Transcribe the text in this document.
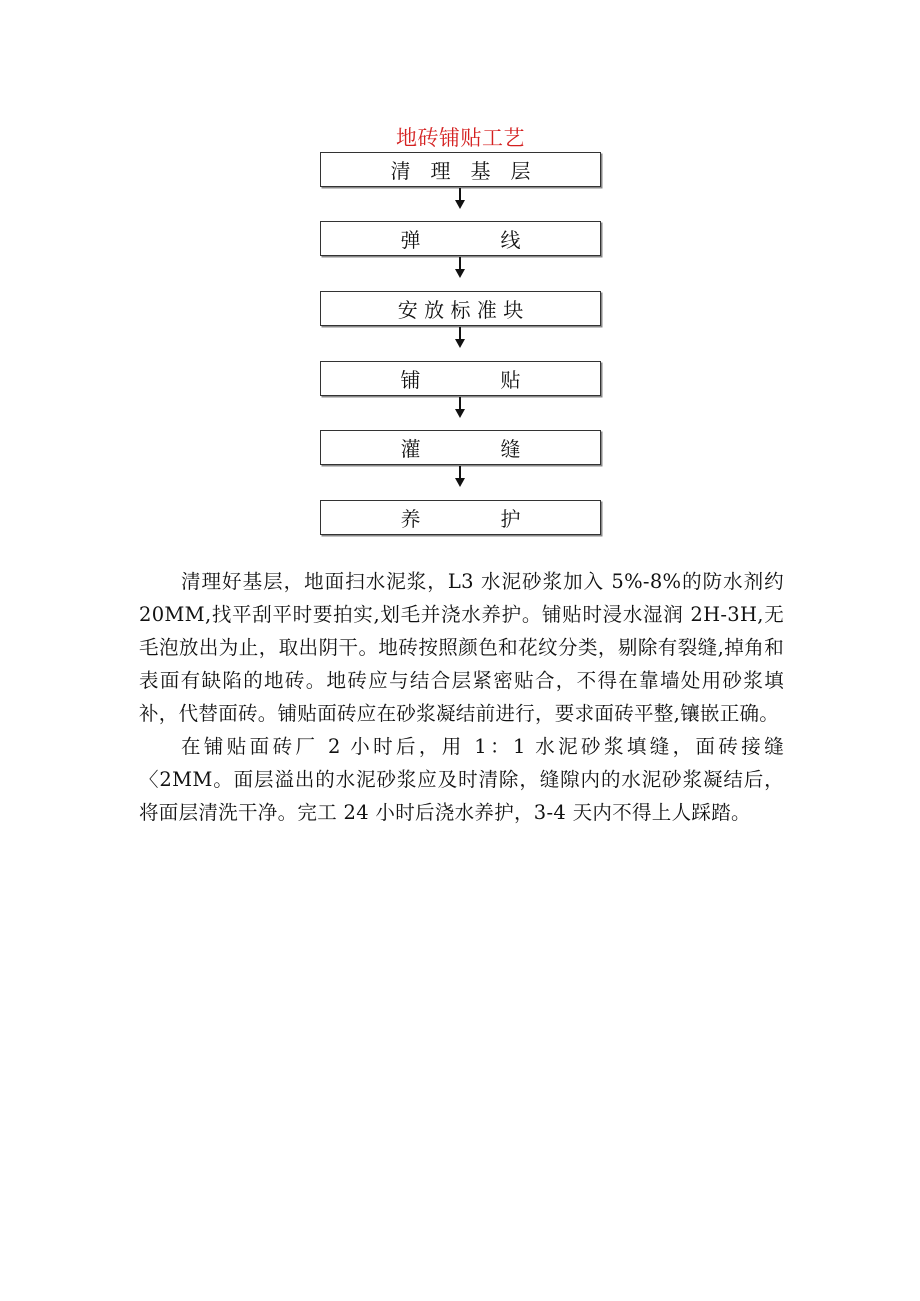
地砖铺贴工艺
清　理　基　层
弹　　　　线
安 放 标 准 块
铺　　　　贴
灌　　　　缝
养　　　　护

清理好基层，地面扫水泥浆，L3 水泥砂浆加入 5%-8%的防水剂约 20MM,找平刮平时要拍实,划毛并浇水养护。铺贴时浸水湿润 2H-3H,无毛泡放出为止，取出阴干。地砖按照颜色和花纹分类，剔除有裂缝,掉角和表面有缺陷的地砖。地砖应与结合层紧密贴合，不得在靠墙处用砂浆填补，代替面砖。铺贴面砖应在砂浆凝结前进行，要求面砖平整,镶嵌正确。

在铺贴面砖厂 2 小时后，用 1：1 水泥砂浆填缝，面砖接缝〈2MM。面层溢出的水泥砂浆应及时清除，缝隙内的水泥砂浆凝结后，将面层清洗干净。完工 24 小时后浇水养护，3-4 天内不得上人踩踏。
